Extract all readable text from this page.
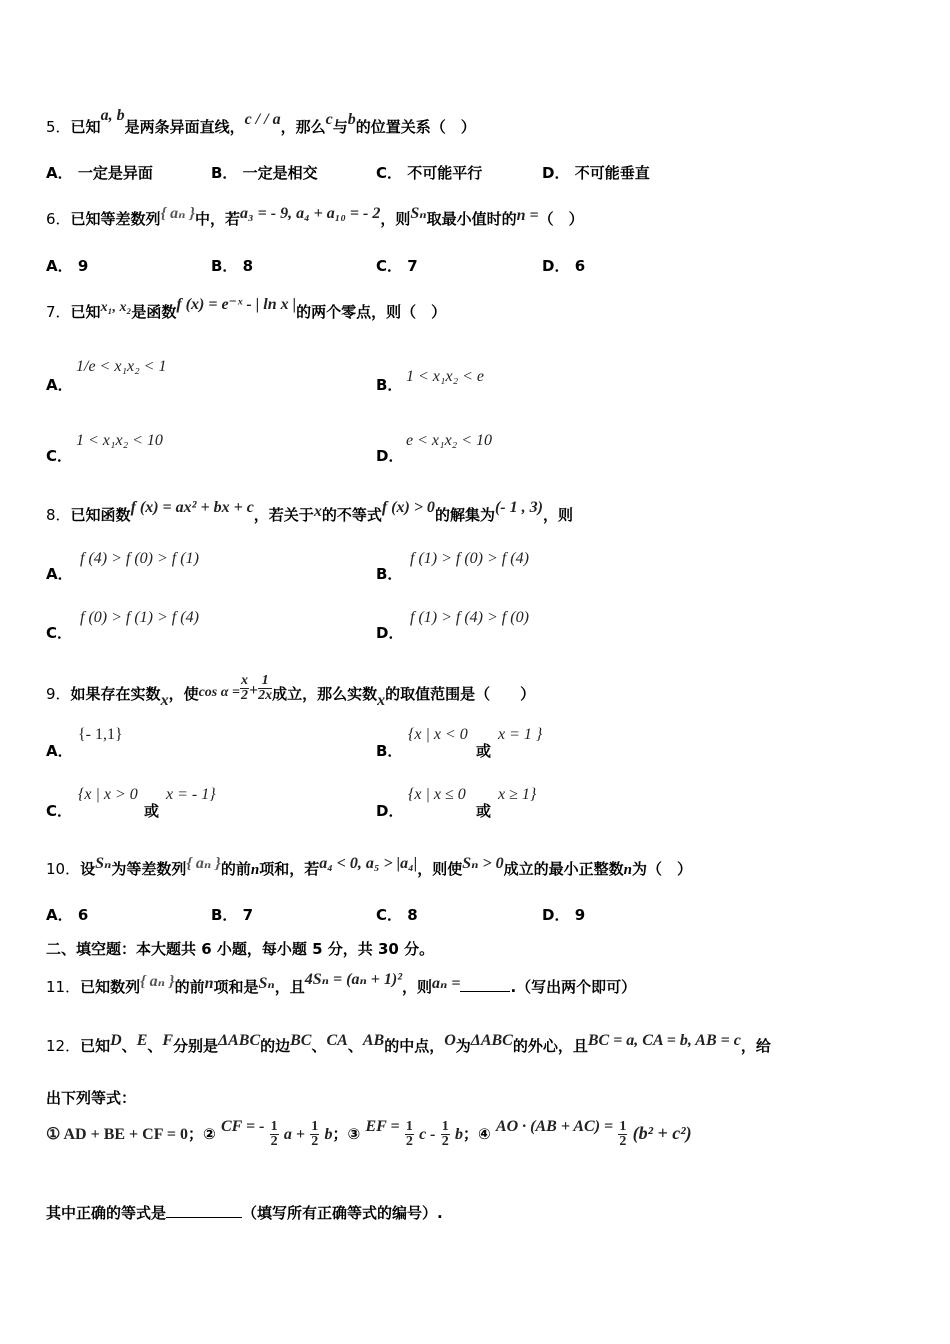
5．已知a, b是两条异面直线，c / / a，那么c与b的位置关系（　）
A． 一定是异面	B． 一定是相交	C． 不可能平行	D． 不可能垂直
6．已知等差数列{ aₙ }中，若a₃ = - 9, a₄ + a₁₀ = - 2，则Sₙ取最小值时的n =（　）
A． 9	B． 8	C． 7	D． 6
7．已知x₁, x₂是函数f (x) = e⁻ˣ - | ln x |的两个零点，则（　）
A．
1/e < x₁x₂ < 1
B． 1 < x₁x₂ < e
C．
1 < x₁x₂ < 10
D．
e < x₁x₂ < 10
8．已知函数f (x) = ax² + bx + c，若关于x的不等式f (x) > 0的解集为(- 1 , 3)，则
A．
f (4) > f (0) > f (1)
B．
f (1) > f (0) > f (4)
C．
f (0) > f (1) > f (4)
D．
f (1) > f (4) > f (0)
9．如果存在实数x，使$\cos \alpha = \frac{x}{2} + \frac{1}{2x}$ 成立，那么实数x的取值范围是（　　）
A．
{- 1,1}
B．
{x | x < 0
或
x = 1 }
C．
{x | x > 0
或
x = - 1}
D．
{x | x ≤ 0
或
x ≥ 1}
10．设Sₙ为等差数列{ aₙ }的前n项和，若a₄ < 0, a₅ > |a₄|，则使Sₙ > 0成立的最小正整数n为（　）
A． 6	B． 7	C． 8	D． 9
二、填空题：本大题共 6 小题，每小题 5 分，共 30 分。
11．已知数列{ aₙ }的前n项和是Sₙ，且4Sₙ = (aₙ + 1)²，则aₙ =	.（写出两个即可）
12．已知D、E、F分别是ΔABC的边BC、CA、AB的中点，O为ΔABC的外心，且BC = a, CA = b, AB = c，给
出下列等式：
① AD + BE + CF = 0；② CF = - $\frac{1}{2}$ $a + \frac{1}{2}$ b；③ EF = $\frac{1}{2}$ c - $\frac{1}{2}$ b；④ AO · $(AB + AC) = \frac{1}{2} (b^2 + c^2)$
其中正确的等式是	（填写所有正确等式的编号）.
